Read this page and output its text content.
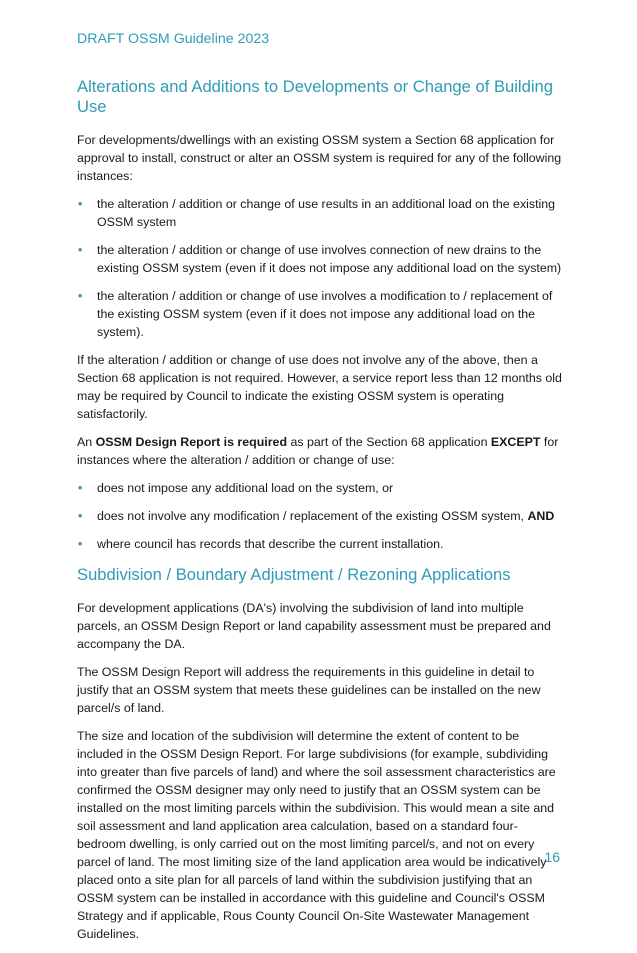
DRAFT OSSM Guideline 2023
Alterations and Additions to Developments or Change of Building Use

For developments/dwellings with an existing OSSM system a Section 68 application for approval to install, construct or alter an OSSM system is required for any of the following instances:

• the alteration / addition or change of use results in an additional load on the existing OSSM system
• the alteration / addition or change of use involves connection of new drains to the existing OSSM system (even if it does not impose any additional load on the system)
• the alteration / addition or change of use involves a modification to / replacement of the existing OSSM system (even if it does not impose any additional load on the system).

If the alteration / addition or change of use does not involve any of the above, then a Section 68 application is not required. However, a service report less than 12 months old may be required by Council to indicate the existing OSSM system is operating satisfactorily.

An OSSM Design Report is required as part of the Section 68 application EXCEPT for instances where the alteration / addition or change of use:

• does not impose any additional load on the system, or
• does not involve any modification / replacement of the existing OSSM system, AND
• where council has records that describe the current installation.
Subdivision / Boundary Adjustment / Rezoning Applications

For development applications (DA's) involving the subdivision of land into multiple parcels, an OSSM Design Report or land capability assessment must be prepared and accompany the DA.

The OSSM Design Report will address the requirements in this guideline in detail to justify that an OSSM system that meets these guidelines can be installed on the new parcel/s of land.

The size and location of the subdivision will determine the extent of content to be included in the OSSM Design Report. For large subdivisions (for example, subdividing into greater than five parcels of land) and where the soil assessment characteristics are confirmed the OSSM designer may only need to justify that an OSSM system can be installed on the most limiting parcels within the subdivision. This would mean a site and soil assessment and land application area calculation, based on a standard four-bedroom dwelling, is only carried out on the most limiting parcel/s, and not on every parcel of land. The most limiting size of the land application area would be indicatively placed onto a site plan for all parcels of land within the subdivision justifying that an OSSM system can be installed in accordance with this guideline and Council's OSSM Strategy and if applicable, Rous County Council On-Site Wastewater Management Guidelines.

16
